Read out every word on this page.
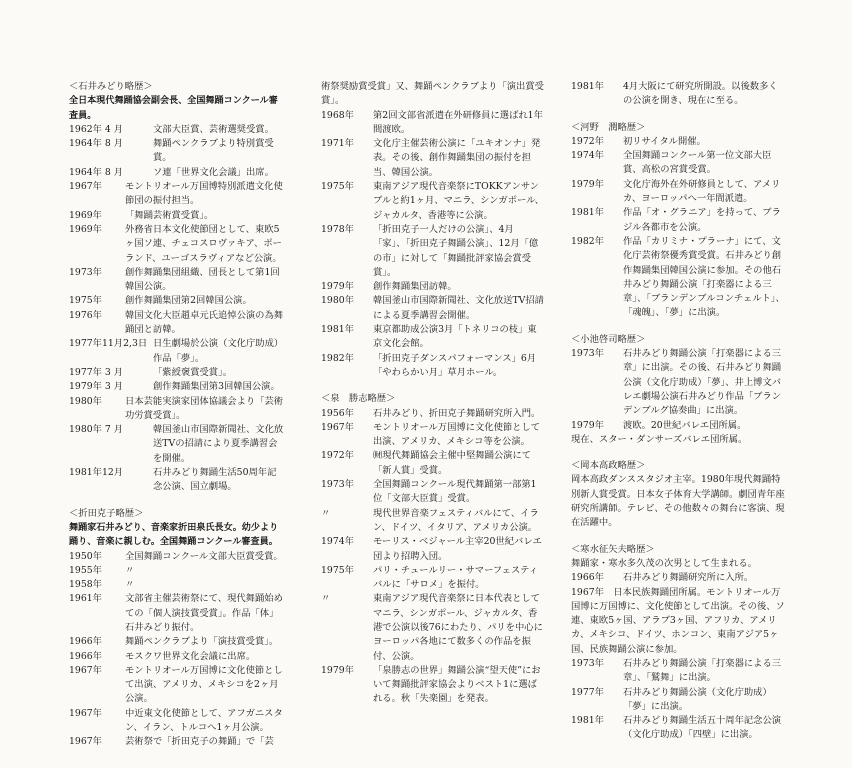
＜石井みどり略歴＞
全日本現代舞踊協会副会長、全国舞踊コンクール審査員。
1962年 4 月	文部大臣賞、芸術選奨受賞。
1964年 8 月	舞踊ペンクラブより特別賞受賞。
1964年 8 月	ソ連「世界文化会議」出席。
1967年	モントリオール万国博特別派遣文化使節団の振付担当。
1969年	「舞踊芸術賞受賞」。
1969年	外務省日本文化使節団として、東欧5ヶ国ソ連、チェコスロヴァキア、ポーランド、ユーゴスラヴィアなど公演。
1973年	創作舞踊集団組織、団長として第1回韓国公演。
1975年	創作舞踊集団第2回韓国公演。
1976年	韓国文化大臣趙卓元氏追悼公演の為舞踊団と訪韓。
1977年11月2,3日 日生劇場於公演（文化庁助成）作品「夢」。
1977年 3 月	「紫綬褒賞受賞」。
1979年 3 月	創作舞踊集団第3回韓国公演。
1980年	日本芸能実演家団体協議会より「芸術功労賞受賞」。
1980年 7 月	韓国釜山市国際新聞社、文化放送TVの招請により夏季講習会を開催。
1981年12月	石井みどり舞踊生活50周年記念公演、国立劇場。
＜折田克子略歴＞
舞踊家石井みどり、音楽家折田泉氏長女。幼少より踊り、音楽に親しむ。全国舞踊コンクール審査員。
1950年	全国舞踊コンクール文部大臣賞受賞。
1955年	〃
1958年	〃
1961年	文部省主催芸術祭にて、現代舞踊始めての「個人演技賞受賞」。作品「体」石井みどり振付。
1966年	舞踊ペンクラブより「演技賞受賞」。
1966年	モスクワ世界文化会議に出席。
1967年	モントリオール万国博に文化使節として出演、アメリカ、メキシコを2ヶ月公演。
1967年	中近東文化使節として、アフガニスタン、イラン、トルコへ1ヶ月公演。
1967年	芸術祭で「折田克子の舞踊」で「芸
術祭奨励賞受賞」又、舞踊ペンクラブより「演出賞受賞」。
1968年	第2回文部省派遣在外研修員に選ばれ1年間渡欧。
1971年	文化庁主催芸術公演に「ユキオンナ」発表。その後、創作舞踊集団の振付を担当、韓国公演。
1975年	東南アジア現代音楽祭にTOKKアンサンブルと約1ヶ月、マニラ、シンガポール、ジャカルタ、香港等に公演。
1978年	「折田克子一人だけの公演」、4月「家」、「折田克子舞踊公演」、12月「億の市」に対して「舞踊批評家協会賞受賞」。
1979年	創作舞踊集団訪韓。
1980年	韓国釜山市国際新聞社、文化放送TV招請による夏季講習会開催。
1981年	東京都助成公演3月「トネリコの枝」東京文化会館。
1982年	「折田克子ダンスパフォーマンス」6月「やわらかい月」草月ホール。
＜泉　勝志略歴＞
1956年	石井みどり、折田克子舞踊研究所入門。
1967年	モントリオール万国博に文化使節として出演、アメリカ、メキシコ等を公演。
1972年	㈶現代舞踊協会主催中堅舞踊公演にて「新人賞」受賞。
1973年	全国舞踊コンクール現代舞踊第一部第1位「文部大臣賞」受賞。
〃	現代世界音楽フェスティバルにて、イラン、ドイツ、イタリア、アメリカ公演。
1974年	モーリス・ベジャール主宰20世紀バレエ団より招聘入団。
1975年	パリ・チュールリー・サマーフェスティバルに「サロメ」を振付。
〃	東南アジア現代音楽祭に日本代表としてマニラ、シンガポール、ジャカルタ、香港で公演以後76にわたり、パリを中心にヨーロッパ各地にて数多くの作品を振付、公演。
1979年	「泉勝志の世界」舞踊公演“望天使”において舞踊批評家協会よりベスト1に選ばれる。秋「失楽園」を発表。
1981年	4月大阪にて研究所開設。以後数多くの公演を開き、現在に至る。
＜河野　潤略歴＞
1972年	初リサイタル開催。
1974年	全国舞踊コンクール第一位文部大臣賞、高松の宮賞受賞。
1979年	文化庁海外在外研修員として、アメリカ、ヨーロッパへ一年間派遣。
1981年	作品「オ・グラニア」を持って、ブラジル各都市を公演。
1982年	作品「カリミナ・プラーナ」にて、文化庁芸術祭優秀賞受賞。石井みどり創作舞踊集団韓国公演に参加。その他石井みどり舞踊公演「打楽器による三章」、「ブランデンブルコンチェルト」、「魂魄」、「夢」に出演。
＜小池啓司略歴＞
1973年	石井みどり舞踊公演「打楽器による三章」に出演。その後、石井みどり舞踊公演（文化庁助成）「夢」、井上博文バレエ劇場公演石井みどり作品「ブランデンブルグ協奏曲」に出演。
1979年	渡欧。20世紀バレエ団所属。
現在、スター・ダンサーズバレエ団所属。
＜岡本高政略歴＞
岡本高政ダンススタジオ主宰。1980年現代舞踊特別新人賞受賞。日本女子体育大学講師。劇団青年座研究所講師。テレビ、その他数々の舞台に客演、現在活躍中。
＜寒水征矢夫略歴＞
舞踊家・寒水多久茂の次男として生まれる。
1966年	石井みどり舞踊研究所に入所。
1967年　日本民族舞踊団所属。モントリオール万国博に万国博に、文化使節として出演。その後、ソ連、東欧5ヶ国、アラブ3ヶ国、アフリカ、アメリカ、メキシコ、ドイツ、ホンコン、東南アジア5ヶ国、民族舞踊公演に参加。
1973年	石井みどり舞踊公演「打楽器による三章」、「鷲舞」に出演。
1977年	石井みどり舞踊公演（文化庁助成）「夢」に出演。
1981年	石井みどり舞踊生活五十周年記念公演（文化庁助成）「四壁」に出演。
